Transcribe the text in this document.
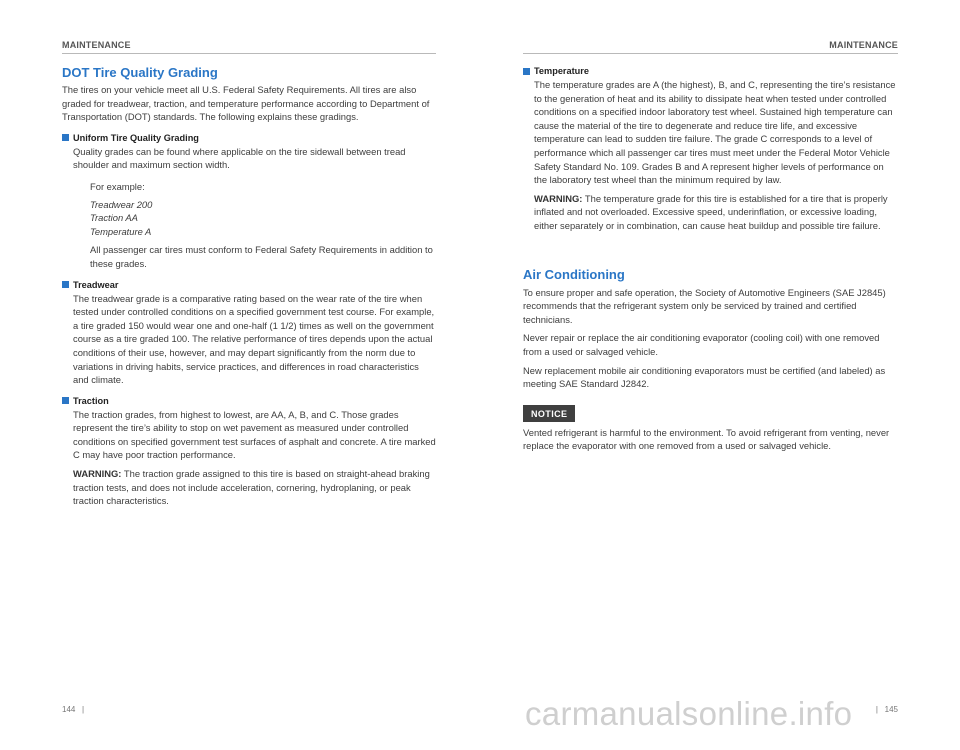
MAINTENANCE
DOT Tire Quality Grading

The tires on your vehicle meet all U.S. Federal Safety Requirements. All tires are also graded for treadwear, traction, and temperature performance according to Department of Transportation (DOT) standards. The following explains these gradings.

Uniform Tire Quality Grading

Quality grades can be found where applicable on the tire sidewall between tread shoulder and maximum section width.

For example:

Treadwear 200

Traction AA

Temperature A

All passenger car tires must conform to Federal Safety Requirements in addition to these grades.

Treadwear

The treadwear grade is a comparative rating based on the wear rate of the tire when tested under controlled conditions on a specified government test course. For example, a tire graded 150 would wear one and one-half (1 1/2) times as well on the government course as a tire graded 100. The relative performance of tires depends upon the actual conditions of their use, however, and may depart significantly from the norm due to variations in driving habits, service practices, and differences in road characteristics and climate.

Traction

The traction grades, from highest to lowest, are AA, A, B, and C. Those grades represent the tire’s ability to stop on wet pavement as measured under controlled conditions on specified government test surfaces of asphalt and concrete. A tire marked C may have poor traction performance.

WARNING: The traction grade assigned to this tire is based on straight-ahead braking traction tests, and does not include acceleration, cornering, hydroplaning, or peak traction characteristics.

MAINTENANCE
Temperature

The temperature grades are A (the highest), B, and C, representing the tire’s resistance to the generation of heat and its ability to dissipate heat when tested under controlled conditions on a specified indoor laboratory test wheel. Sustained high temperature can cause the material of the tire to degenerate and reduce tire life, and excessive temperature can lead to sudden tire failure. The grade C corresponds to a level of performance which all passenger car tires must meet under the Federal Motor Vehicle Safety Standard No. 109. Grades B and A represent higher levels of performance on the laboratory test wheel than the minimum required by law.

WARNING: The temperature grade for this tire is established for a tire that is properly inflated and not overloaded. Excessive speed, underinflation, or excessive loading, either separately or in combination, can cause heat buildup and possible tire failure.

Air Conditioning

To ensure proper and safe operation, the Society of Automotive Engineers (SAE J2845) recommends that the refrigerant system only be serviced by trained and certified technicians.

Never repair or replace the air conditioning evaporator (cooling coil) with one removed from a used or salvaged vehicle.

New replacement mobile air conditioning evaporators must be certified (and labeled) as meeting SAE Standard J2842.

NOTICE

Vented refrigerant is harmful to the environment. To avoid refrigerant from venting, never replace the evaporator with one removed from a used or salvaged vehicle.

144   |	|   145
carmanualsonline.info
